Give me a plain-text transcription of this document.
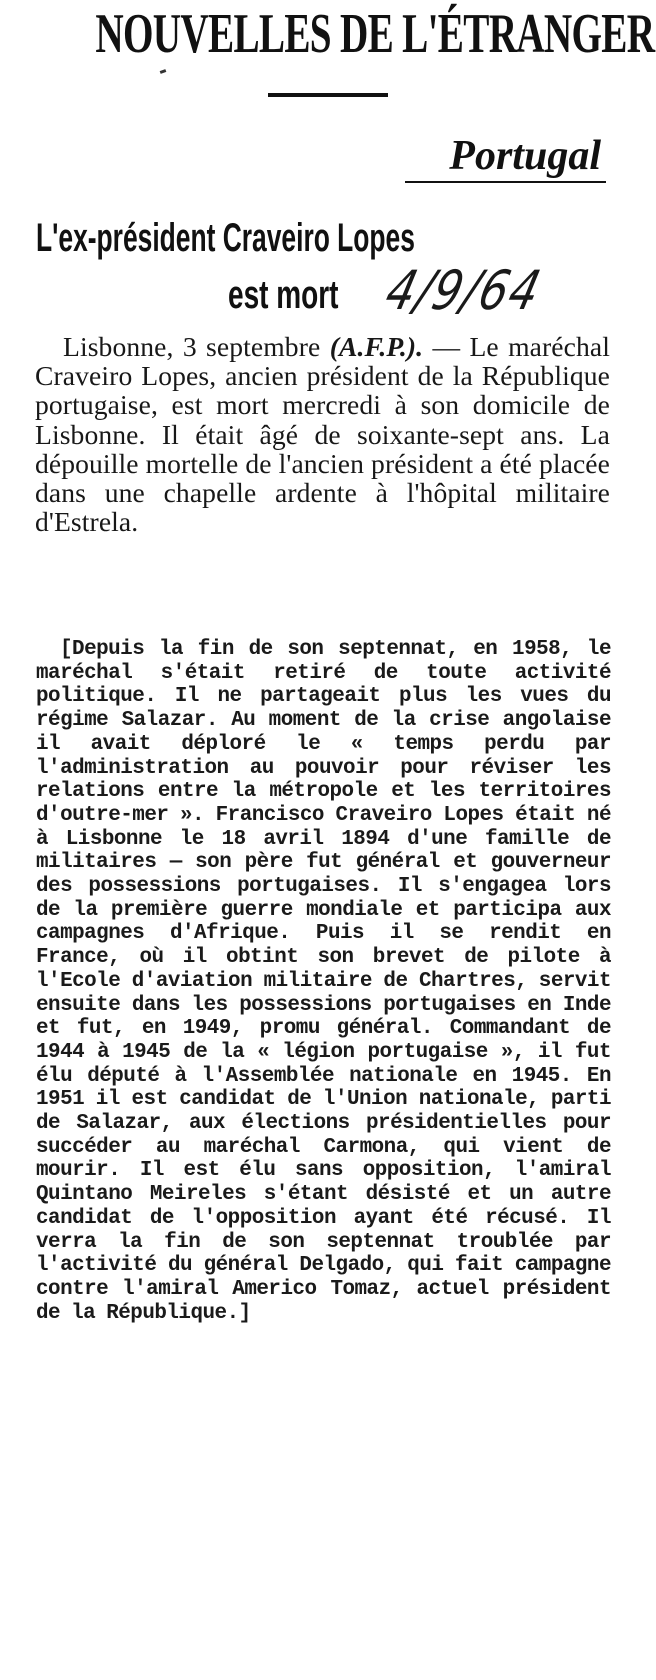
NOUVELLES DE L'ÉTRANGER
Portugal
L'ex-président Craveiro Lopes
est mort 4/9/64
Lisbonne, 3 septembre (A.F.P.). — Le maréchal Craveiro Lopes, ancien président de la République portugaise, est mort mercredi à son domicile de Lisbonne. Il était âgé de soixante-sept ans. La dépouille mortelle de l'ancien président a été placée dans une chapelle ardente à l'hôpital militaire d'Estrela.
[Depuis la fin de son septennat, en 1958, le maréchal s'était retiré de toute activité politique. Il ne partageait plus les vues du régime Salazar. Au moment de la crise angolaise il avait déploré le « temps perdu par l'administration au pouvoir pour réviser les relations entre la métropole et les territoires d'outre-mer ». Francisco Craveiro Lopes était né à Lisbonne le 18 avril 1894 d'une famille de militaires — son père fut général et gouverneur des possessions portugaises. Il s'engagea lors de la première guerre mondiale et participa aux campagnes d'Afrique. Puis il se rendit en France, où il obtint son brevet de pilote à l'Ecole d'aviation militaire de Chartres, servit ensuite dans les possessions portugaises en Inde et fut, en 1949, promu général. Commandant de 1944 à 1945 de la « légion portugaise », il fut élu député à l'Assemblée nationale en 1945. En 1951 il est candidat de l'Union nationale, parti de Salazar, aux élections présidentielles pour succéder au maréchal Carmona, qui vient de mourir. Il est élu sans opposition, l'amiral Quintano Meireles s'étant désisté et un autre candidat de l'opposition ayant été récusé. Il verra la fin de son septennat troublée par l'activité du général Delgado, qui fait campagne contre l'amiral Americo Tomaz, actuel président de la République.]
